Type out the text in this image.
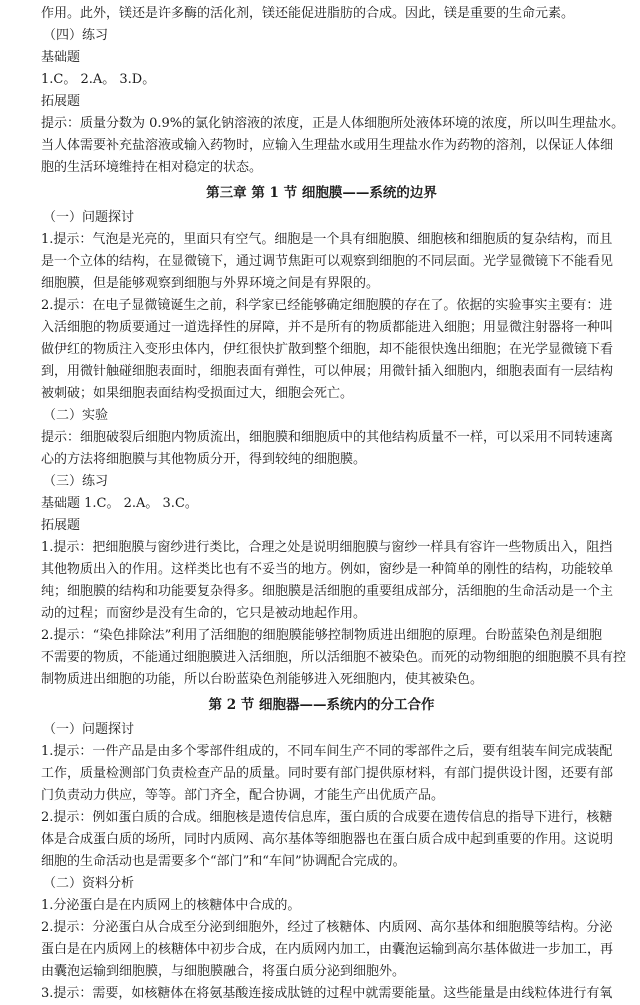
作用。此外，镁还是许多酶的活化剂，镁还能促进脂肪的合成。因此，镁是重要的生命元素。
（四）练习
基础题
1.C。 2.A。 3.D。
拓展题
提示：质量分数为 0.9%的氯化钠溶液的浓度，正是人体细胞所处液体环境的浓度，所以叫生理盐水。
当人体需要补充盐溶液或输入药物时，应输入生理盐水或用生理盐水作为药物的溶剂，以保证人体细
胞的生活环境维持在相对稳定的状态。
第三章 第 1 节 细胞膜——系统的边界
（一）问题探讨
1.提示：气泡是光亮的，里面只有空气。细胞是一个具有细胞膜、细胞核和细胞质的复杂结构，而且
是一个立体的结构，在显微镜下，通过调节焦距可以观察到细胞的不同层面。光学显微镜下不能看见
细胞膜，但是能够观察到细胞与外界环境之间是有界限的。
2.提示：在电子显微镜诞生之前，科学家已经能够确定细胞膜的存在了。依据的实验事实主要有：进
入活细胞的物质要通过一道选择性的屏障，并不是所有的物质都能进入细胞；用显微注射器将一种叫
做伊红的物质注入变形虫体内，伊红很快扩散到整个细胞，却不能很快逸出细胞；在光学显微镜下看
到，用微针触碰细胞表面时，细胞表面有弹性，可以伸展；用微针插入细胞内，细胞表面有一层结构
被刺破；如果细胞表面结构受损面过大，细胞会死亡。
（二）实验
提示：细胞破裂后细胞内物质流出，细胞膜和细胞质中的其他结构质量不一样，可以采用不同转速离
心的方法将细胞膜与其他物质分开，得到较纯的细胞膜。
（三）练习
基础题 1.C。 2.A。 3.C。
拓展题
1.提示：把细胞膜与窗纱进行类比，合理之处是说明细胞膜与窗纱一样具有容许一些物质出入，阻挡
其他物质出入的作用。这样类比也有不妥当的地方。例如，窗纱是一种简单的刚性的结构，功能较单
纯；细胞膜的结构和功能要复杂得多。细胞膜是活细胞的重要组成部分，活细胞的生命活动是一个主
动的过程；而窗纱是没有生命的，它只是被动地起作用。
2.提示：“染色排除法”利用了活细胞的细胞膜能够控制物质进出细胞的原理。台盼蓝染色剂是细胞
不需要的物质，不能通过细胞膜进入活细胞，所以活细胞不被染色。而死的动物细胞的细胞膜不具有控
制物质进出细胞的功能，所以台盼蓝染色剂能够进入死细胞内，使其被染色。
第 2 节 细胞器——系统内的分工合作
（一）问题探讨
1.提示：一件产品是由多个零部件组成的，不同车间生产不同的零部件之后，要有组装车间完成装配
工作，质量检测部门负责检查产品的质量。同时要有部门提供原材料，有部门提供设计图，还要有部
门负责动力供应，等等。部门齐全，配合协调，才能生产出优质产品。
2.提示：例如蛋白质的合成。细胞核是遗传信息库，蛋白质的合成要在遗传信息的指导下进行，核糖
体是合成蛋白质的场所，同时内质网、高尔基体等细胞器也在蛋白质合成中起到重要的作用。这说明
细胞的生命活动也是需要多个“部门”和“车间”协调配合完成的。
（二）资料分析
1.分泌蛋白是在内质网上的核糖体中合成的。
2.提示：分泌蛋白从合成至分泌到细胞外，经过了核糖体、内质网、高尔基体和细胞膜等结构。分泌
蛋白是在内质网上的核糖体中初步合成，在内质网内加工，由囊泡运输到高尔基体做进一步加工，再
由囊泡运输到细胞膜，与细胞膜融合，将蛋白质分泌到细胞外。
3.提示：需要，如核糖体在将氨基酸连接成肽链的过程中就需要能量。这些能量是由线粒体进行有氧
